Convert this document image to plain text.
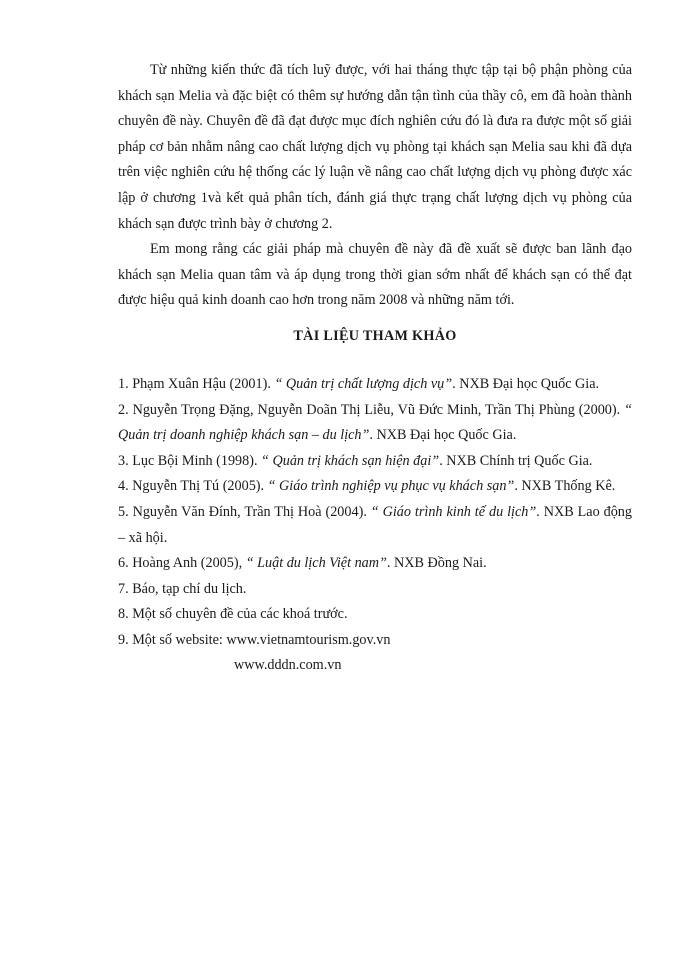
Từ những kiến thức đã tích luỹ được, với hai tháng thực tập tại bộ phận phòng của khách sạn Melia và đặc biệt có thêm sự hướng dẫn tận tình của thầy cô, em đã hoàn thành chuyên đề này. Chuyên đề đã đạt được mục đích nghiên cứu đó là đưa ra được một số giải pháp cơ bản nhằm nâng cao chất lượng dịch vụ phòng tại khách sạn Melia sau khi đã dựa trên việc nghiên cứu hệ thống các lý luận về nâng cao chất lượng dịch vụ phòng được xác lập ở chương 1và kết quả phân tích, đánh giá thực trạng chất lượng dịch vụ phòng của khách sạn được trình bày ở chương 2.

Em mong rằng các giải pháp mà chuyên đề này đã đề xuất sẽ được ban lãnh đạo khách sạn Melia quan tâm và áp dụng trong thời gian sớm nhất để khách sạn có thể đạt được hiệu quả kinh doanh cao hơn trong năm 2008 và những năm tới.

TÀI LIỆU THAM KHẢO

1. Phạm Xuân Hậu (2001). “ Quản trị chất lượng dịch vụ”. NXB Đại học Quốc Gia.

2. Nguyễn Trọng Đặng, Nguyễn Doãn Thị Liễu, Vũ Đức Minh, Trần Thị Phùng (2000). “ Quản trị doanh nghiệp khách sạn – du lịch”. NXB Đại học Quốc Gia.

3. Lục Bội Minh (1998). “ Quản trị khách sạn hiện đại”. NXB Chính trị Quốc Gia.

4. Nguyễn Thị Tú (2005). “ Giáo trình nghiệp vụ phục vụ khách sạn”. NXB Thống Kê.

5. Nguyễn Văn Đính, Trần Thị Hoà (2004). “ Giáo trình kinh tế du lịch”. NXB Lao động – xã hội.

6. Hoàng Anh (2005), “ Luật du lịch Việt nam”. NXB Đồng Nai.

7. Báo, tạp chí du lịch.

8. Một số chuyên đề của các khoá trước.

9. Một số website: www.vietnamtourism.gov.vn

www.dddn.com.vn
